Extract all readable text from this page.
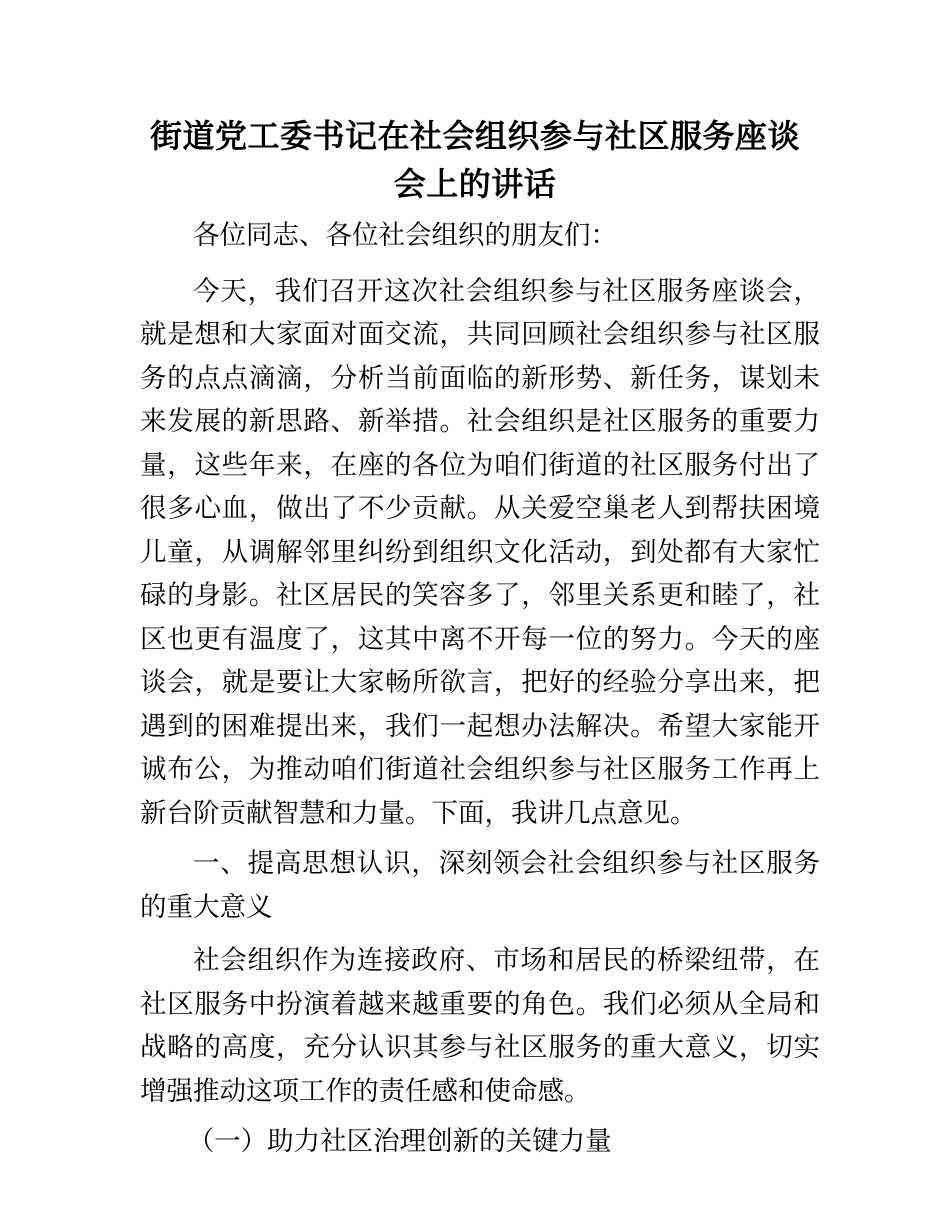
街道党工委书记在社会组织参与社区服务座谈
会上的讲话

各位同志、各位社会组织的朋友们：

今天，我们召开这次社会组织参与社区服务座谈会，就是想和大家面对面交流，共同回顾社会组织参与社区服务的点点滴滴，分析当前面临的新形势、新任务，谋划未来发展的新思路、新举措。社会组织是社区服务的重要力量，这些年来，在座的各位为咱们街道的社区服务付出了很多心血，做出了不少贡献。从关爱空巢老人到帮扶困境儿童，从调解邻里纠纷到组织文化活动，到处都有大家忙碌的身影。社区居民的笑容多了，邻里关系更和睦了，社区也更有温度了，这其中离不开每一位的努力。今天的座谈会，就是要让大家畅所欲言，把好的经验分享出来，把遇到的困难提出来，我们一起想办法解决。希望大家能开诚布公，为推动咱们街道社会组织参与社区服务工作再上新台阶贡献智慧和力量。下面，我讲几点意见。

一、提高思想认识，深刻领会社会组织参与社区服务的重大意义

社会组织作为连接政府、市场和居民的桥梁纽带，在社区服务中扮演着越来越重要的角色。我们必须从全局和战略的高度，充分认识其参与社区服务的重大意义，切实增强推动这项工作的责任感和使命感。

（一）助力社区治理创新的关键力量
